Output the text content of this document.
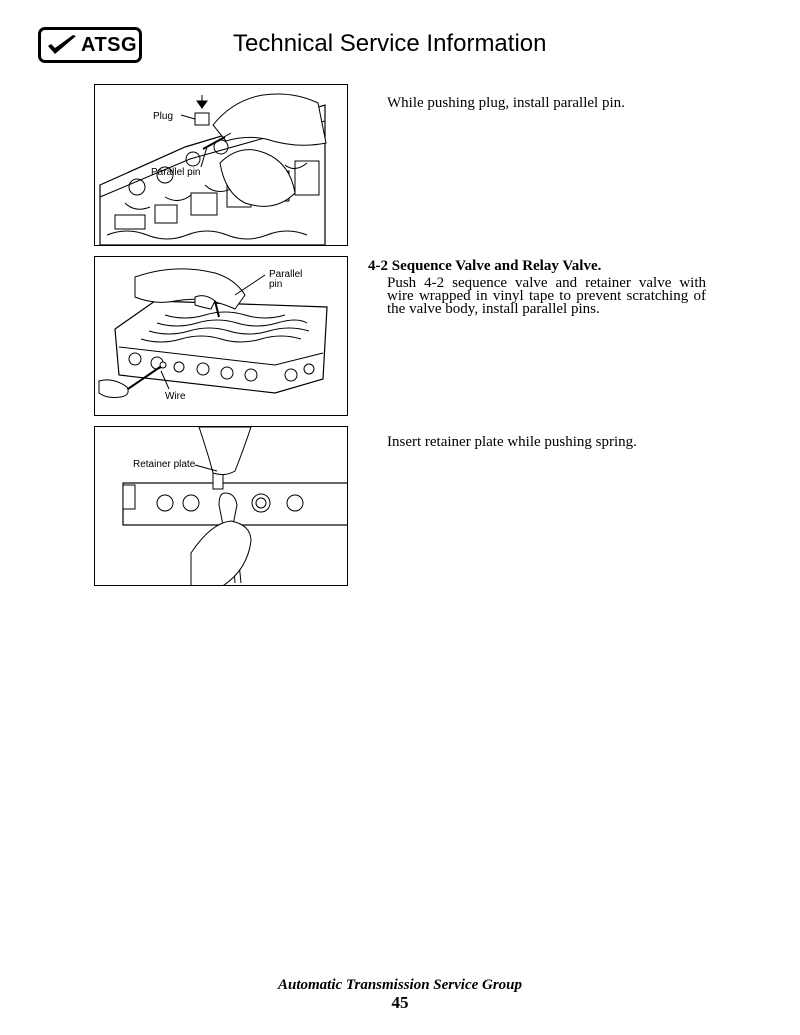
ATSG	Technical Service Information
Plug
Parallel pin
Parallel
pin
Wire
Retainer plate
While pushing plug, install parallel pin.
4-2 Sequence Valve and Relay Valve.
Push 4-2 sequence valve and retainer valve with wire wrapped in vinyl tape to prevent scratching of the valve body, install parallel pins.
Insert retainer plate while pushing spring.
Automatic Transmission Service Group
45
